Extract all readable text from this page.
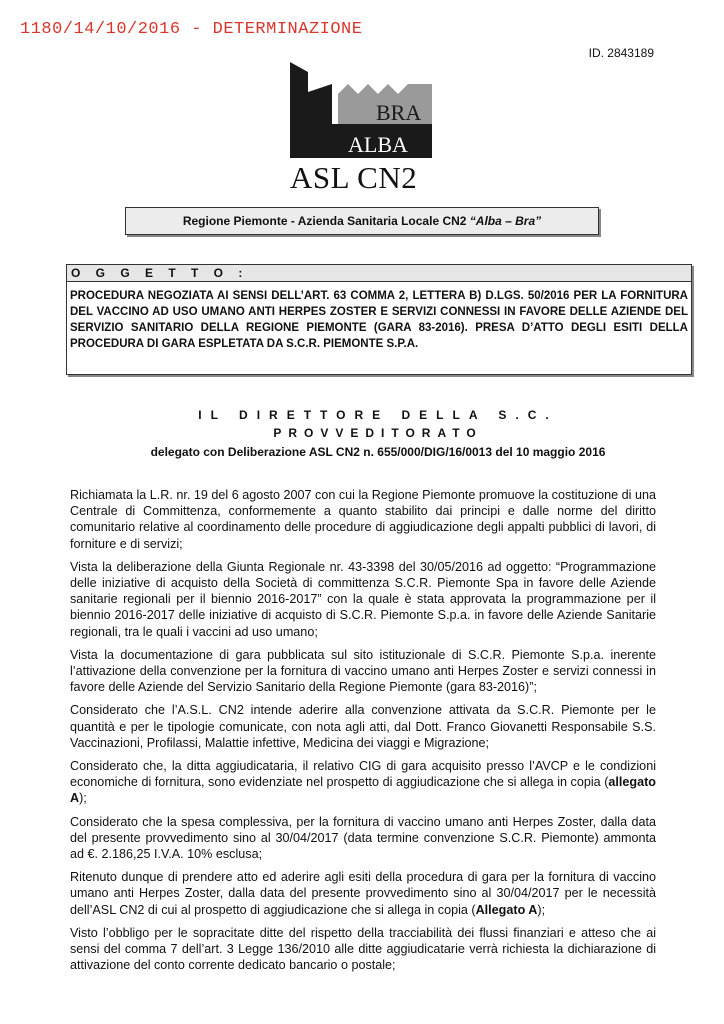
1180/14/10/2016 - DETERMINAZIONE
ID. 2843189
BRA
ALBA
ASL CN2
Regione Piemonte - Azienda Sanitaria Locale CN2 “Alba – Bra”
O G G E T T O :
PROCEDURA NEGOZIATA AI SENSI DELL’ART. 63 COMMA 2, LETTERA B) D.LGS. 50/2016 PER LA FORNITURA DEL VACCINO AD USO UMANO ANTI HERPES ZOSTER E SERVIZI CONNESSI IN FAVORE DELLE AZIENDE DEL SERVIZIO SANITARIO DELLA REGIONE PIEMONTE (GARA 83-2016). PRESA D’ATTO DEGLI ESITI DELLA PROCEDURA DI GARA ESPLETATA DA S.C.R. PIEMONTE S.P.A.
IL DIRETTORE DELLA S.C.
PROVVEDITORATO
delegato con Deliberazione ASL CN2 n. 655/000/DIG/16/0013 del 10 maggio 2016

Richiamata la L.R. nr. 19 del 6 agosto 2007 con cui la Regione Piemonte promuove la costituzione di una Centrale di Committenza, conformemente a quanto stabilito dai principi e dalle norme del diritto comunitario relative al coordinamento delle procedure di aggiudicazione degli appalti pubblici di lavori, di forniture e di servizi;

Vista la deliberazione della Giunta Regionale nr. 43-3398 del 30/05/2016 ad oggetto: “Programmazione delle iniziative di acquisto della Società di committenza S.C.R. Piemonte Spa in favore delle Aziende sanitarie regionali per il biennio 2016-2017” con la quale è stata approvata la programmazione per il biennio 2016-2017 delle iniziative di acquisto di S.C.R. Piemonte S.p.a. in favore delle Aziende Sanitarie regionali, tra le quali i vaccini ad uso umano;

Vista la documentazione di gara pubblicata sul sito istituzionale di S.C.R. Piemonte S.p.a. inerente l’attivazione della convenzione per la fornitura di vaccino umano anti Herpes Zoster e servizi connessi in favore delle Aziende del Servizio Sanitario della Regione Piemonte (gara 83-2016)”;

Considerato che l’A.S.L. CN2 intende aderire alla convenzione attivata da S.C.R. Piemonte per le quantità e per le tipologie comunicate, con nota agli atti, dal Dott. Franco Giovanetti Responsabile S.S. Vaccinazioni, Profilassi, Malattie infettive, Medicina dei viaggi e Migrazione;

Considerato che, la ditta aggiudicataria, il relativo CIG di gara acquisito presso l’AVCP e le condizioni economiche di fornitura, sono evidenziate nel prospetto di aggiudicazione che si allega in copia (allegato A);

Considerato che la spesa complessiva, per la fornitura di vaccino umano anti Herpes Zoster, dalla data del presente provvedimento sino al 30/04/2017 (data termine convenzione S.C.R. Piemonte) ammonta ad €. 2.186,25 I.V.A. 10% esclusa;

Ritenuto dunque di prendere atto ed aderire agli esiti della procedura di gara per la fornitura di vaccino umano anti Herpes Zoster, dalla data del presente provvedimento sino al 30/04/2017 per le necessità dell’ASL CN2 di cui al prospetto di aggiudicazione che si allega in copia (Allegato A);

Visto l’obbligo per le sopracitate ditte del rispetto della tracciabilità dei flussi finanziari e atteso che ai sensi del comma 7 dell’art. 3 Legge 136/2010 alle ditte aggiudicatarie verrà richiesta la dichiarazione di attivazione del conto corrente dedicato bancario o postale;
